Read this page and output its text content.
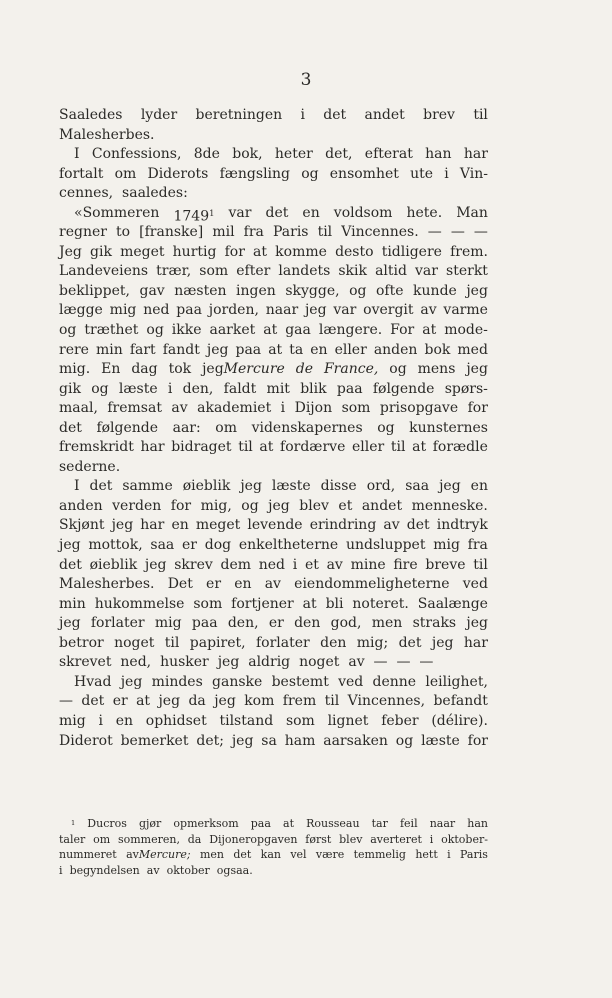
3
Saaledes lyder beretningen i det andet brev til
Malesherbes.
I Confessions, 8de bok, heter det, efterat han har
fortalt om Diderots fængsling og ensomhet ute i Vin‑
cennes, saaledes:
«Sommeren 1749$^1$ var det en voldsom hete. Man
regner to [franske] mil fra Paris til Vincennes. — — —
Jeg gik meget hurtig for at komme desto tidligere frem.
Landeveiens trær, som efter landets skik altid var sterkt
beklippet, gav næsten ingen skygge, og ofte kunde jeg
lægge mig ned paa jorden, naar jeg var overgit av varme
og træthet og ikke aarket at gaa længere. For at mode‑
rere min fart fandt jeg paa at ta en eller anden bok med
mig. En dag tok jegMercure de France, og mens jeg
gik og læste i den, faldt mit blik paa følgende spørs‑
maal, fremsat av akademiet i Dijon som prisopgave for
det følgende aar: om videnskapernes og kunsternes
fremskridt har bidraget til at fordærve eller til at forædle
sederne.
I det samme øieblik jeg læste disse ord, saa jeg en
anden verden for mig, og jeg blev et andet menneske.
Skjønt jeg har en meget levende erindring av det indtryk
jeg mottok, saa er dog enkeltheterne undsluppet mig fra
det øieblik jeg skrev dem ned i et av mine fire breve til
Malesherbes. Det er en av eiendommeligheterne ved
min hukommelse som fortjener at bli noteret. Saalænge
jeg forlater mig paa den, er den god, men straks jeg
betror noget til papiret, forlater den mig; det jeg har
skrevet ned, husker jeg aldrig noget av — — —
Hvad jeg mindes ganske bestemt ved denne leilighet,
— det er at jeg da jeg kom frem til Vincennes, befandt
mig i en ophidset tilstand som lignet feber (délire).
Diderot bemerket det; jeg sa ham aarsaken og læste for
$^1$ Ducros gjør opmerksom paa at Rousseau tar feil naar han
taler om sommeren, da Dijoneropgaven først blev averteret i oktober‑
nummeret avMercure; men det kan vel være temmelig hett i Paris
i begyndelsen av oktober ogsaa.
